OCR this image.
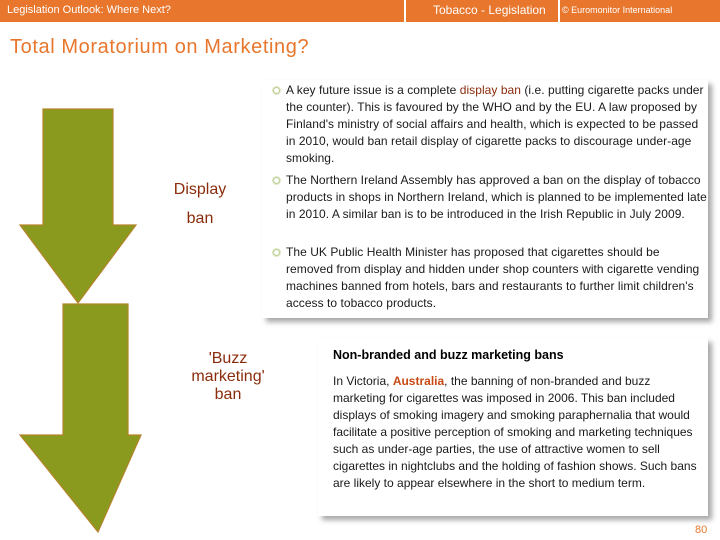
Legislation Outlook: Where Next?	Tobacco - Legislation © Euromonitor International
Total Moratorium on Marketing?
Display
ban
'Buzz
marketing'
ban
A key future issue is a complete display ban (i.e. putting cigarette packs under the counter). This is favoured by the WHO and by the EU. A law proposed by Finland's ministry of social affairs and health, which is expected to be passed in 2010, would ban retail display of cigarette packs to discourage under-age smoking.
The Northern Ireland Assembly has approved a ban on the display of tobacco products in shops in Northern Ireland, which is planned to be implemented late in 2010. A similar ban is to be introduced in the Irish Republic in July 2009.
The UK Public Health Minister has proposed that cigarettes should be removed from display and hidden under shop counters with cigarette vending machines banned from hotels, bars and restaurants to further limit children's access to tobacco products.
Non-branded and buzz marketing bans
In Victoria, Australia, the banning of non-branded and buzz marketing for cigarettes was imposed in 2006. This ban included displays of smoking imagery and smoking paraphernalia that would facilitate a positive perception of smoking and marketing techniques such as under-age parties, the use of attractive women to sell cigarettes in nightclubs and the holding of fashion shows. Such bans are likely to appear elsewhere in the short to medium term.
80
